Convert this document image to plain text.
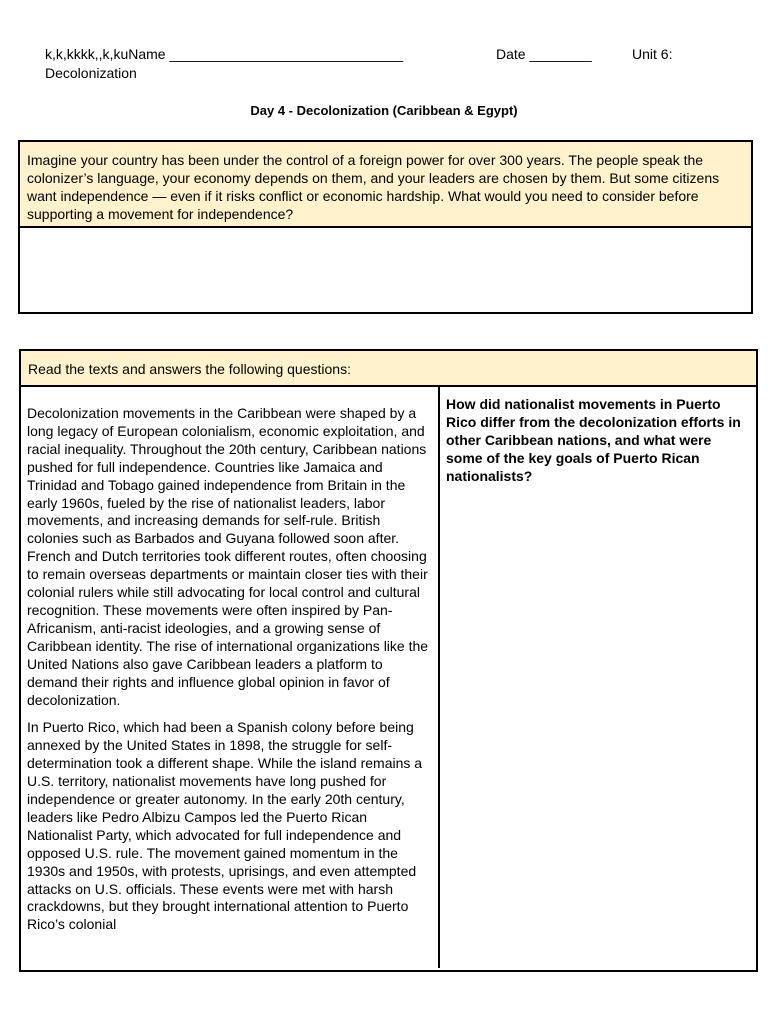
k,k,kkkk,,k,kuName ______________________________	Date ________	Unit 6:
Decolonization
Day 4 - Decolonization (Caribbean & Egypt)
Imagine your country has been under the control of a foreign power for over 300 years. The people speak the colonizer’s language, your economy depends on them, and your leaders are chosen by them. But some citizens want independence — even if it risks conflict or economic hardship. What would you need to consider before supporting a movement for independence?
Read the texts and answers the following questions:

Decolonization movements in the Caribbean were shaped by a long legacy of European colonialism, economic exploitation, and racial inequality. Throughout the 20th century, Caribbean nations pushed for full independence. Countries like Jamaica and Trinidad and Tobago gained independence from Britain in the early 1960s, fueled by the rise of nationalist leaders, labor movements, and increasing demands for self-rule. British colonies such as Barbados and Guyana followed soon after. French and Dutch territories took different routes, often choosing to remain overseas departments or maintain closer ties with their colonial rulers while still advocating for local control and cultural recognition. These movements were often inspired by Pan-Africanism, anti-racist ideologies, and a growing sense of Caribbean identity. The rise of international organizations like the United Nations also gave Caribbean leaders a platform to demand their rights and influence global opinion in favor of decolonization.

In Puerto Rico, which had been a Spanish colony before being annexed by the United States in 1898, the struggle for self-determination took a different shape. While the island remains a U.S. territory, nationalist movements have long pushed for independence or greater autonomy. In the early 20th century, leaders like Pedro Albizu Campos led the Puerto Rican Nationalist Party, which advocated for full independence and opposed U.S. rule. The movement gained momentum in the 1930s and 1950s, with protests, uprisings, and even attempted attacks on U.S. officials. These events were met with harsh crackdowns, but they brought international attention to Puerto Rico’s colonial

How did nationalist movements in Puerto Rico differ from the decolonization efforts in other Caribbean nations, and what were some of the key goals of Puerto Rican nationalists?
